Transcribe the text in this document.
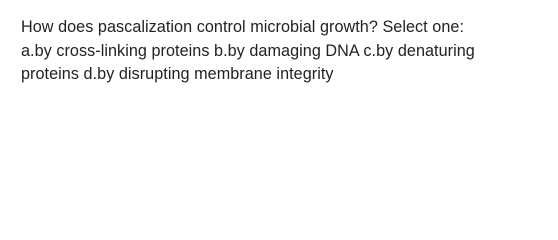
How does pascalization control microbial growth? Select one:
a.by cross-linking proteins b.by damaging DNA c.by denaturing
proteins d.by disrupting membrane integrity
